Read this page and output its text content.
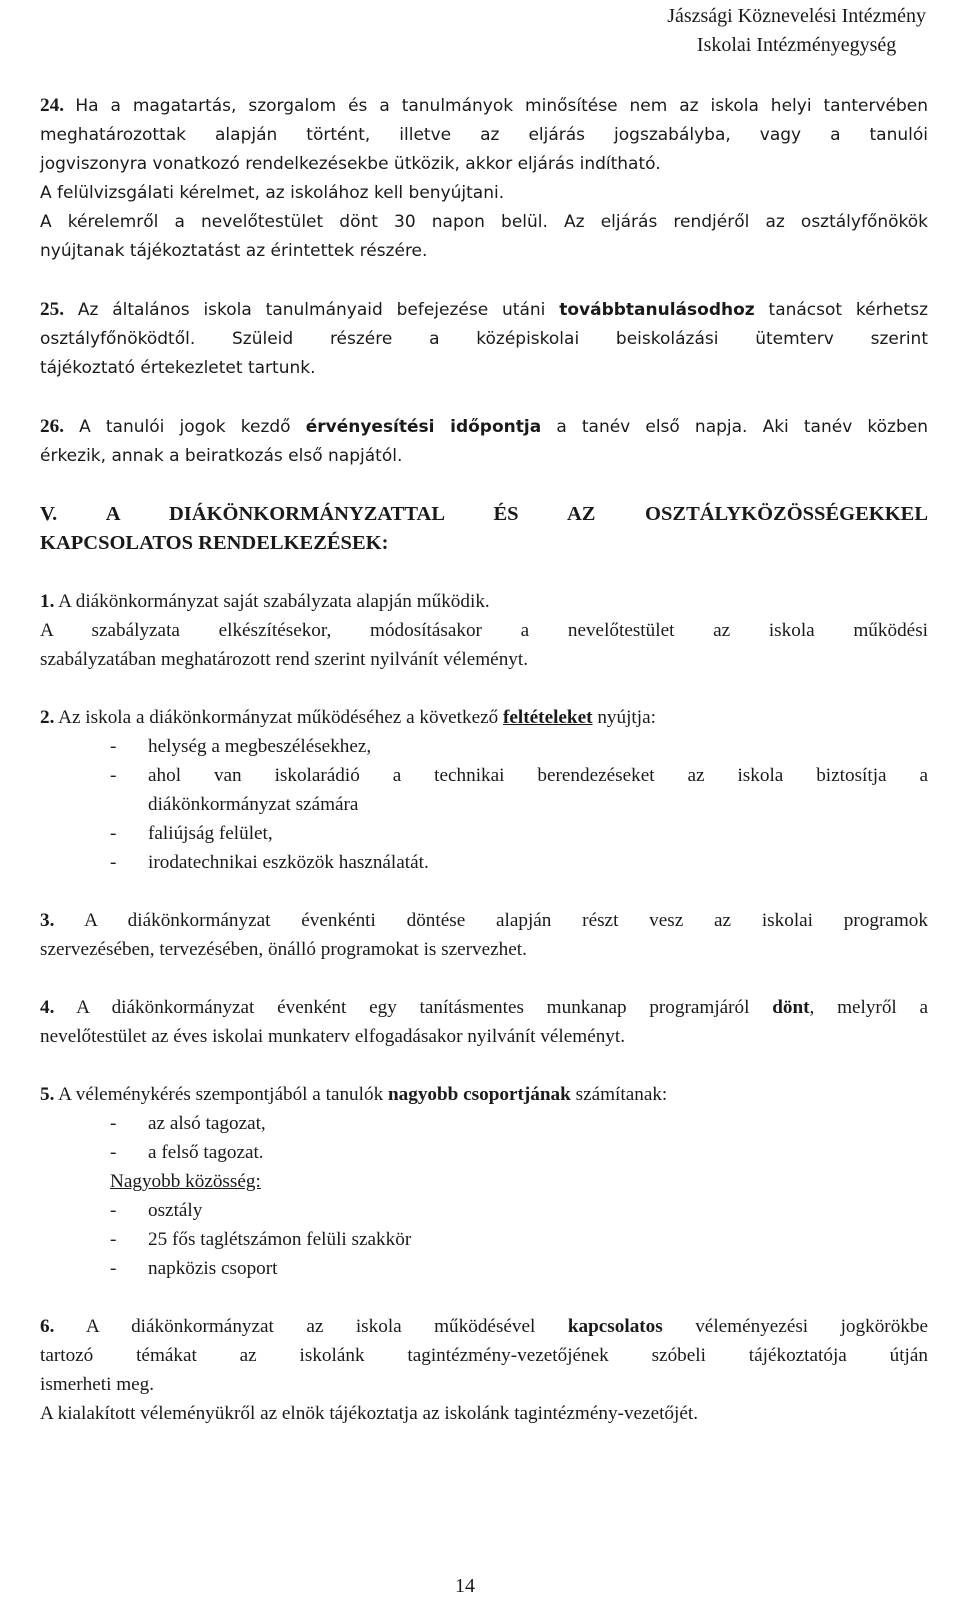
Jászsági Köznevelési Intézmény
Iskolai Intézményegység
24. Ha a magatartás, szorgalom és a tanulmányok minősítése nem az iskola helyi tantervében
meghatározottak alapján történt, illetve az eljárás jogszabályba, vagy a tanulói
jogviszonyra vonatkozó rendelkezésekbe ütközik, akkor eljárás indítható.
A felülvizsgálati kérelmet, az iskolához kell benyújtani.
A kérelemről a nevelőtestület dönt 30 napon belül. Az eljárás rendjéről az osztályfőnökök
nyújtanak tájékoztatást az érintettek részére.
25. Az általános iskola tanulmányaid befejezése utáni továbbtanulásodhoz tanácsot kérhetsz
osztályfőnöködtől. Szüleid részére a középiskolai beiskolázási ütemterv szerint
tájékoztató értekezletet tartunk.
26. A tanulói jogok kezdő érvényesítési időpontja a tanév első napja. Aki tanév közben
érkezik, annak a beiratkozás első napjától.
V. A DIÁKÖNKORMÁNYZATTAL ÉS AZ OSZTÁLYKÖZÖSSÉGEKKEL
KAPCSOLATOS RENDELKEZÉSEK:
1. A diákönkormányzat saját szabályzata alapján működik.
A szabályzata elkészítésekor, módosításakor a nevelőtestület az iskola működési
szabályzatában meghatározott rend szerint nyilvánít véleményt.
2. Az iskola a diákönkormányzat működéséhez a következő feltételeket nyújtja:
- helység a megbeszélésekhez,
- ahol van iskolarádió a technikai berendezéseket az iskola biztosítja a
diákönkormányzat számára
- faliújság felület,
- irodatechnikai eszközök használatát.
3. A diákönkormányzat évenkénti döntése alapján részt vesz az iskolai programok
szervezésében, tervezésében, önálló programokat is szervezhet.
4. A diákönkormányzat évenként egy tanításmentes munkanap programjáról dönt, melyről a
nevelőtestület az éves iskolai munkaterv elfogadásakor nyilvánít véleményt.
5. A véleménykérés szempontjából a tanulók nagyobb csoportjának számítanak:
- az alsó tagozat,
- a felső tagozat.
Nagyobb közösség:
- osztály
- 25 fős taglétszámon felüli szakkör
- napközis csoport
6. A diákönkormányzat az iskola működésével kapcsolatos véleményezési jogkörökbe
tartozó témákat az iskolánk tagintézmény-vezetőjének szóbeli tájékoztatója útján
ismerheti meg.
A kialakított véleményükről az elnök tájékoztatja az iskolánk tagintézmény-vezetőjét.
14
